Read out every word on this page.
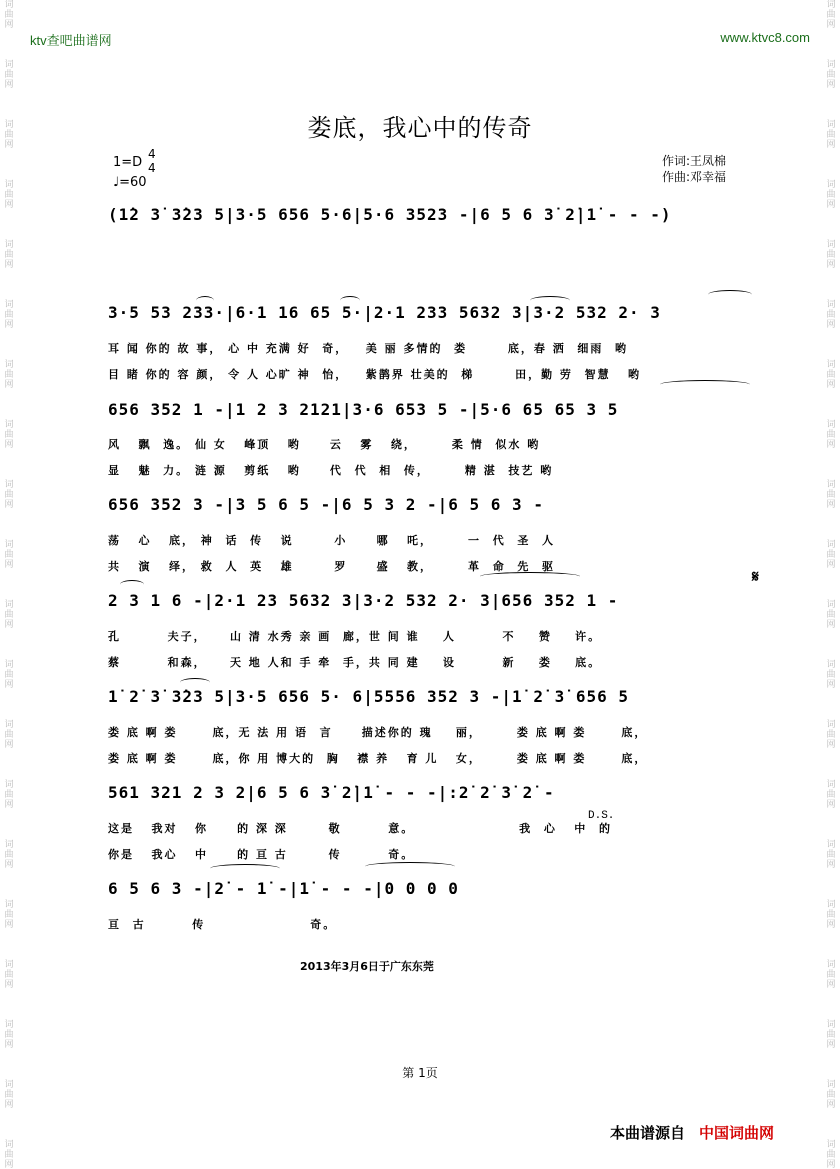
词
曲
网
词
曲
网
词
曲
网
词
曲
网
词
曲
网
词
曲
网
词
曲
网
词
曲
网
词
曲
网
词
曲
网
词
曲
网
词
曲
网
词
曲
网
词
曲
网
词
曲
网
词
曲
网
词
曲
网
词
曲
网
词
曲
网
词
曲
网
词
曲
网
词
曲
网
词
曲
网
词
曲
网
词
曲
网
词
曲
网
词
曲
网
词
曲
网
词
曲
网
词
曲
网
词
曲
网
词
曲
网
词
曲
网
词
曲
网
词
曲
网
词
曲
网
词
曲
网
词
曲
网
词
曲
网
词
曲
网
ktv查吧曲谱网	www.ktvc8.com
娄底，我心中的传奇
1=D
4
4
♩=60
作词:王凤棉
作曲:邓幸福
(1̇2 3̇ 3̇23 5|3·5 656 5·6|5·6 3523 -|6 5 6 3̇ 2̇|1̇ - - -)
3·5 53 233·|6·1 16 65 5·|2·1 233 5632 3|3·2 532 2· 3
耳 闻 你的 故 事， 心 中 充满 好  奇，   美 丽 多情的  娄       底，春 洒  细雨  哟
目 睹 你的 容 颜， 令 人 心旷 神  怡，   紫鹊界 壮美的  梯       田，勤 劳  智慧   哟
656 352 1 -|1 2 3 2121|3·6 653 5 -|5·6 65 65 3 5
风   飘  逸。 仙 女   峰顶   哟     云   雾   绕，      柔 情  似水 哟
显   魅  力。 涟 源   剪纸   哟     代  代  相  传，      精 湛  技艺 哟
656 352 3 -|3 5 6 5 -|6 5 3 2 -|6 5 6 3 -
荡   心   底， 神  话  传   说       小     哪   吒，      一  代  圣  人
共   演   绎， 救  人  英   雄       罗     盛   教，      革  命  先  驱
2 3 1 6 -|2·1 23 5632 3|3·2 532 2· 3|656 352 1 -
孔        夫子，    山 清 水秀 亲 画  廊，世 间 谁    人        不    赞    许。
蔡        和森，    天 地 人和 手 牵  手，共 同 建    设        新    娄    底。
1̇ 2̇ 3̇ 3̇23 5|3·5 656 5· 6|5556 352 3 -|1̇ 2̇ 3̇ 656 5
娄 底 啊 娄      底，无 法 用 语  言     描述你的 瑰    丽，      娄 底 啊 娄      底，
娄 底 啊 娄      底，你 用 博大的  胸   襟 养   育 儿   女，      娄 底 啊 娄      底，
561 321 2 3 2|6 5 6 3̇ 2̇|1̇ - - -|:2̇ 2̇ 3̇ 2̇ -
这是   我对   你     的 深 深       敬        意。                  我  心   中  的
你是   我心   中     的 亘 古       传        奇。
6 5 6 3 -|2̇ - 1̇ -|1̇ - - -|0 0 0 0
亘  古        传                  奇。
D.S.
𝄋
2013年3月6日于广东东莞
第 1页
本曲谱源自 中国词曲网
